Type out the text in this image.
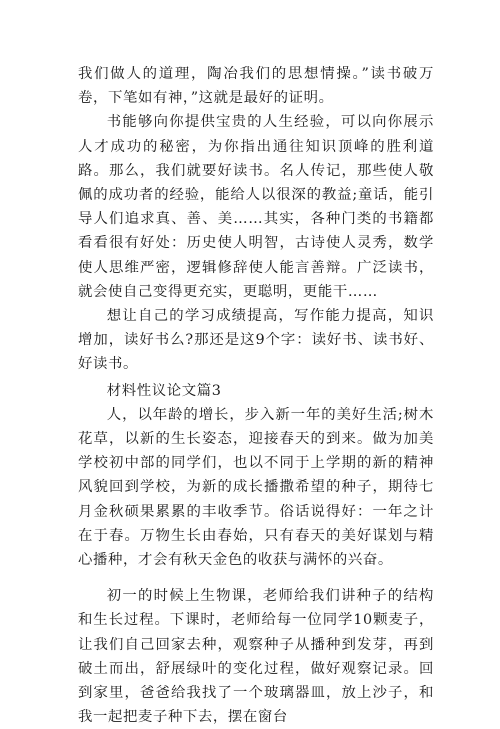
我们做人的道理，陶冶我们的思想情操。”读书破万卷，下笔如有神，”这就是最好的证明。

书能够向你提供宝贵的人生经验，可以向你展示人才成功的秘密，为你指出通往知识顶峰的胜利道路。那么，我们就要好读书。名人传记，那些使人敬佩的成功者的经验，能给人以很深的教益;童话，能引导人们追求真、善、美……其实，各种门类的书籍都看看很有好处：历史使人明智，古诗使人灵秀，数学使人思维严密，逻辑修辞使人能言善辩。广泛读书，就会使自己变得更充实，更聪明，更能干……

想让自己的学习成绩提高，写作能力提高，知识增加，读好书么?那还是这9个字：读好书、读书好、好读书。

材料性议论文篇3

人，以年龄的增长，步入新一年的美好生活;树木花草，以新的生长姿态，迎接春天的到来。做为加美学校初中部的同学们，也以不同于上学期的新的精神风貌回到学校，为新的成长播撒希望的种子，期待七月金秋硕果累累的丰收季节。俗话说得好：一年之计在于春。万物生长由春始，只有春天的美好谋划与精心播种，才会有秋天金色的收获与满怀的兴奋。

初一的时候上生物课，老师给我们讲种子的结构和生长过程。下课时，老师给每一位同学10颗麦子，让我们自己回家去种，观察种子从播种到发芽，再到破土而出，舒展绿叶的变化过程，做好观察记录。回到家里，爸爸给我找了一个玻璃器皿，放上沙子，和我一起把麦子种下去，摆在窗台
